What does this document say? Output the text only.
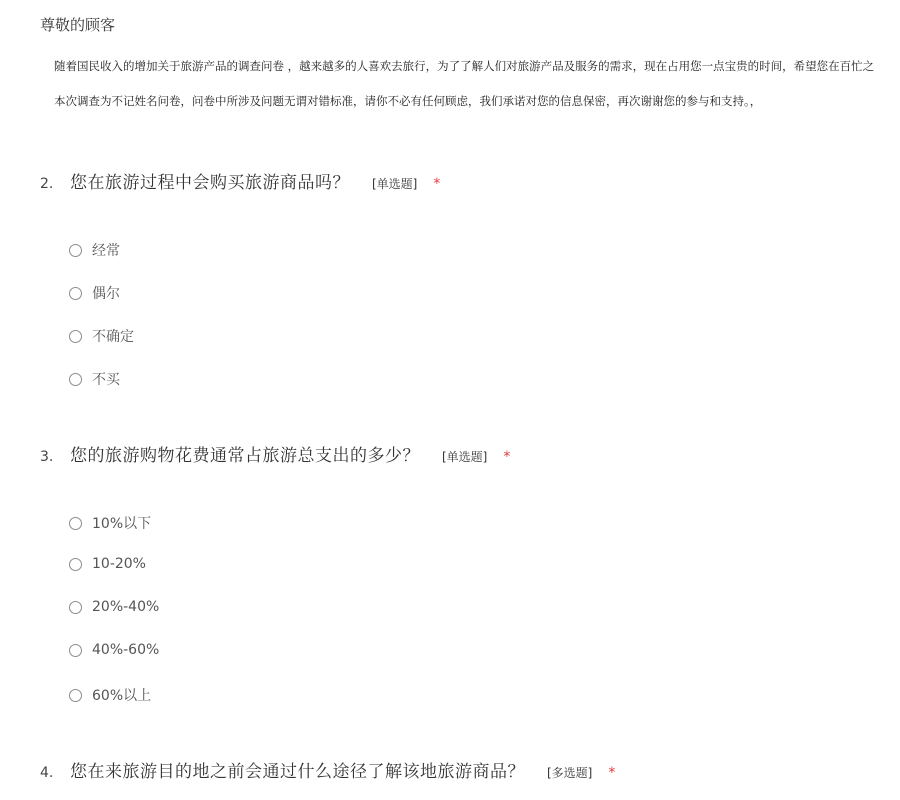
尊敬的顾客
随着国民收入的增加关于旅游产品的调查问卷 ，越来越多的人喜欢去旅行，为了了解人们对旅游产品及服务的需求，现在占用您一点宝贵的时间，希望您在百忙之
本次调查为不记姓名问卷，问卷中所涉及问题无谓对错标准，请你不必有任何顾虑，我们承诺对您的信息保密，再次谢谢您的参与和支持。，
2. 您在旅游过程中会购买旅游商品吗？ [单选题] *
经常
偶尔
不确定
不买
3. 您的旅游购物花费通常占旅游总支出的多少？ [单选题] *
10%以下
10-20%
20%-40%
40%-60%
60%以上
4. 您在来旅游目的地之前会通过什么途径了解该地旅游商品？ [多选题] *
